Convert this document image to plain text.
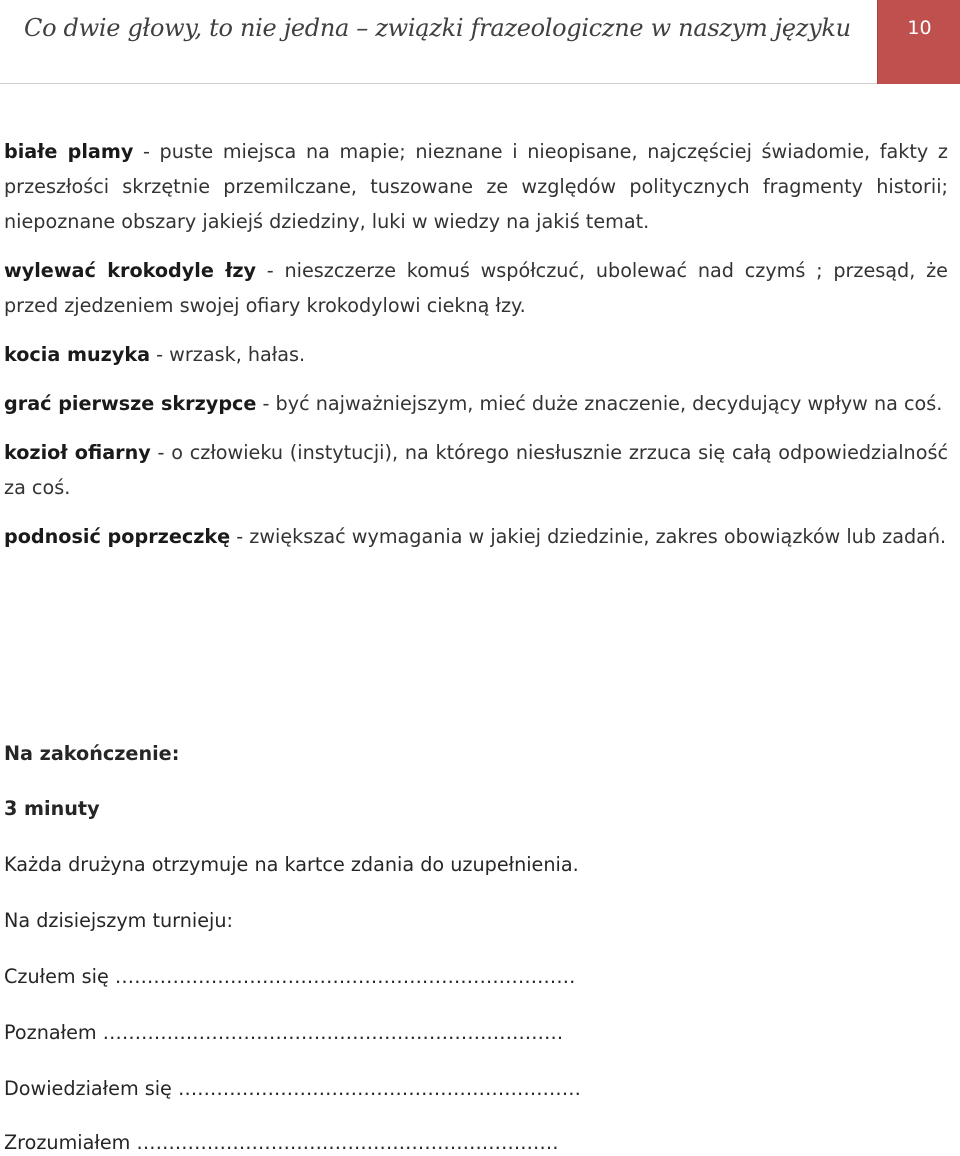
Co dwie głowy, to nie jedna – związki frazeologiczne w naszym języku	10

białe plamy - puste miejsca na mapie; nieznane i nieopisane, najczęściej świadomie, fakty z przeszłości skrzętnie przemilczane, tuszowane ze względów politycznych fragmenty historii; niepoznane obszary jakiejś dziedziny, luki w wiedzy na jakiś temat.

wylewać krokodyle łzy - nieszczerze komuś współczuć, ubolewać nad czymś ; przesąd, że przed zjedzeniem swojej ofiary krokodylowi ciekną łzy.

kocia muzyka - wrzask, hałas.

grać pierwsze skrzypce - być najważniejszym, mieć duże znaczenie, decydujący wpływ na coś.

kozioł ofiarny - o człowieku (instytucji), na którego niesłusznie zrzuca się całą odpowiedzialność za coś.

podnosić poprzeczkę - zwiększać wymagania w jakiej dziedzinie, zakres obowiązków lub zadań.

Na zakończenie:
3 minuty
Każda drużyna otrzymuje na kartce zdania do uzupełnienia.
Na dzisiejszym turnieju:
Czułem się ………………………………………………………………
Poznałem ………………………………………………………………
Dowiedziałem się ………………………………………………………
Zrozumiałem …………………………………………………………
